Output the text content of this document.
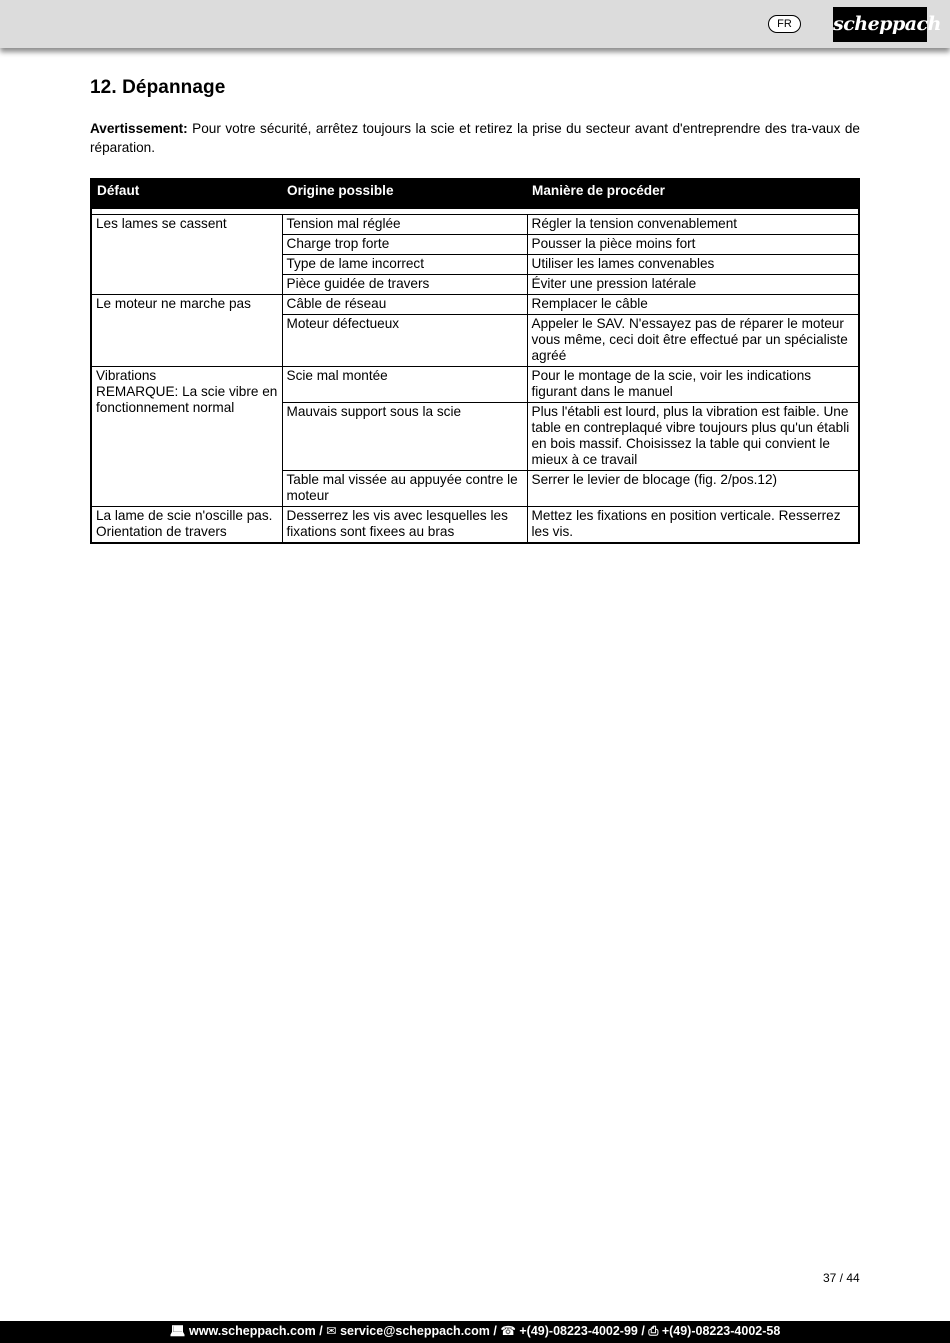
FR	scheppach
12. Dépannage

Avertissement: Pour votre sécurité, arrêtez toujours la scie et retirez la prise du secteur avant d'entreprendre des tra-vaux de réparation.

Défaut	Origine possible	Manière de procéder

Les lames se cassent	Tension mal réglée	Régler la tension convenablement
	Charge trop forte	Pousser la pièce moins fort
	Type de lame incorrect	Utiliser les lames convenables
	Pièce guidée de travers	Éviter une pression latérale
Le moteur ne marche pas	Câble de réseau	Remplacer le câble
	Moteur défectueux	Appeler le SAV. N'essayez pas de réparer le moteur vous même, ceci doit être effectué par un spécialiste agréé
Vibrations
REMARQUE: La scie vibre en fonctionnement normal	Scie mal montée	Pour le montage de la scie, voir les indications figurant dans le manuel
	Mauvais support sous la scie	Plus l'établi est lourd, plus la vibration est faible. Une table en contreplaqué vibre toujours plus qu'un établi en bois massif. Choisissez la table qui convient le mieux à ce travail
	Table mal vissée au appuyée contre le moteur	Serrer le levier de blocage (fig. 2/pos.12)
La lame de scie n'oscille pas. Orientation de travers	Desserrez les vis avec lesquelles les fixations sont fixees au bras	Mettez les fixations en position verticale. Resserrez les vis.
37 / 44
💻︎ www.scheppach.com / ✉︎ service@scheppach.com / ☎ +(49)-08223-4002-99 / ⎙ +(49)-08223-4002-58
